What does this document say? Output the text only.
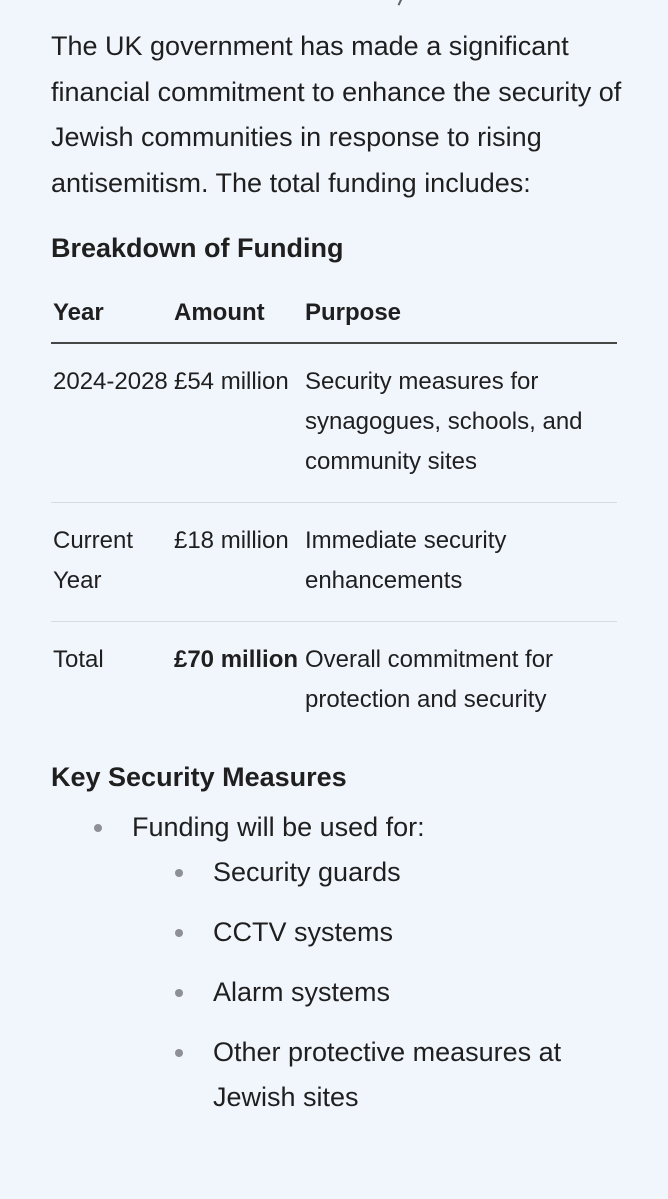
The UK government has made a significant financial commitment to enhance the security of Jewish communities in response to rising antisemitism. The total funding includes:

Breakdown of Funding
Year	Amount	Purpose
2024-2028	£54 million	Security measures for synagogues, schools, and community sites
Current Year	£18 million	Immediate security enhancements
Total	£70 million	Overall commitment for protection and security
Key Security Measures
Funding will be used for:
Security guards
CCTV systems
Alarm systems
Other protective measures at Jewish sites
